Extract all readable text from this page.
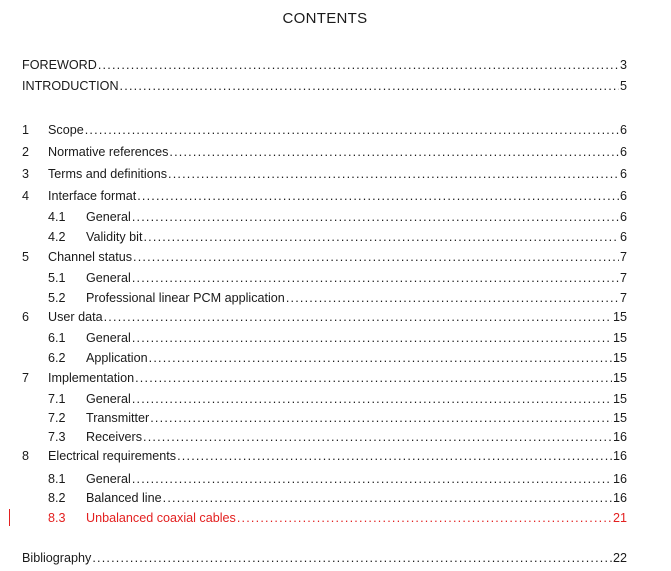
CONTENTS
FOREWORD .....	3
INTRODUCTION .....	5
1	Scope .....	6
2	Normative references .....	6
3	Terms and definitions .....	6
4	Interface format .....	6
4.1	General .....	6
4.2	Validity bit .....	6
5	Channel status .....	7
5.1	General .....	7
5.2	Professional linear PCM application .....	7
6	User data .....	15
6.1	General .....	15
6.2	Application .....	15
7	Implementation .....	15
7.1	General .....	15
7.2	Transmitter .....	15
7.3	Receivers .....	16
8	Electrical requirements .....	16
8.1	General .....	16
8.2	Balanced line .....	16
8.3	Unbalanced coaxial cables .....	21
Bibliography .....	22
